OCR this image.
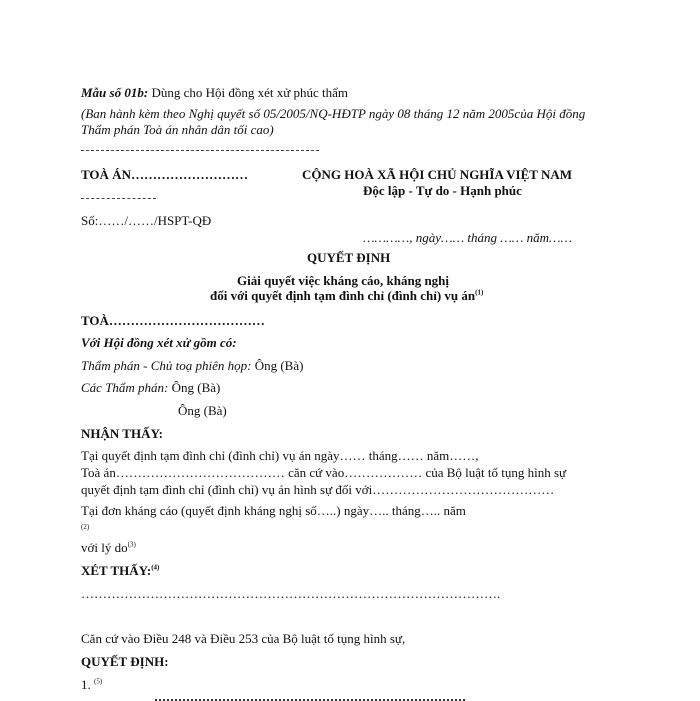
Mẫu số 01b: Dùng cho Hội đồng xét xử phúc thẩm
(Ban hành kèm theo Nghị quyết số 05/2005/NQ-HĐTP ngày 08 tháng 12 năm 2005của Hội đồng
Thẩm phán Toà án nhân dân tối cao)
TOÀ ÁN………………………
Số:……/……/HSPT-QĐ
CỘNG HOÀ XÃ HỘI CHỦ NGHĨA VIỆT NAM
Độc lập - Tự do - Hạnh phúc
…………, ngày…… tháng …… năm……
QUYẾT ĐỊNH
Giải quyết việc kháng cáo, kháng nghị
đối với quyết định tạm đình chỉ (đình chỉ) vụ $án^{(1)}$
TOÀ………………………………
Với Hội đồng xét xử gồm có:
Thẩm phán - Chủ toạ phiên họp: Ông (Bà)
Các Thẩm phán: Ông (Bà)
Ông (Bà)
NHẬN THẤY:
Tại quyết định tạm đình chỉ (đình chỉ) vụ án ngày…… tháng…… năm……,
Toà án………………………………… căn cứ vào……………… của Bộ luật tố tụng hình sự
quyết định tạm đình chỉ (đình chỉ) vụ án hình sự đối với……………………………………
Tại đơn kháng cáo (quyết định kháng nghị số…..) ngày….. tháng….. năm
(2)
với lý $do^{(3)}$
XÉT THẤY:$^{(4)}$
…………………………………………………………………………………….
Căn cứ vào Điều 248 và Điều 253 của Bộ luật tố tụng hình sự,
QUYẾT ĐỊNH:
1. $^{(5)}$
